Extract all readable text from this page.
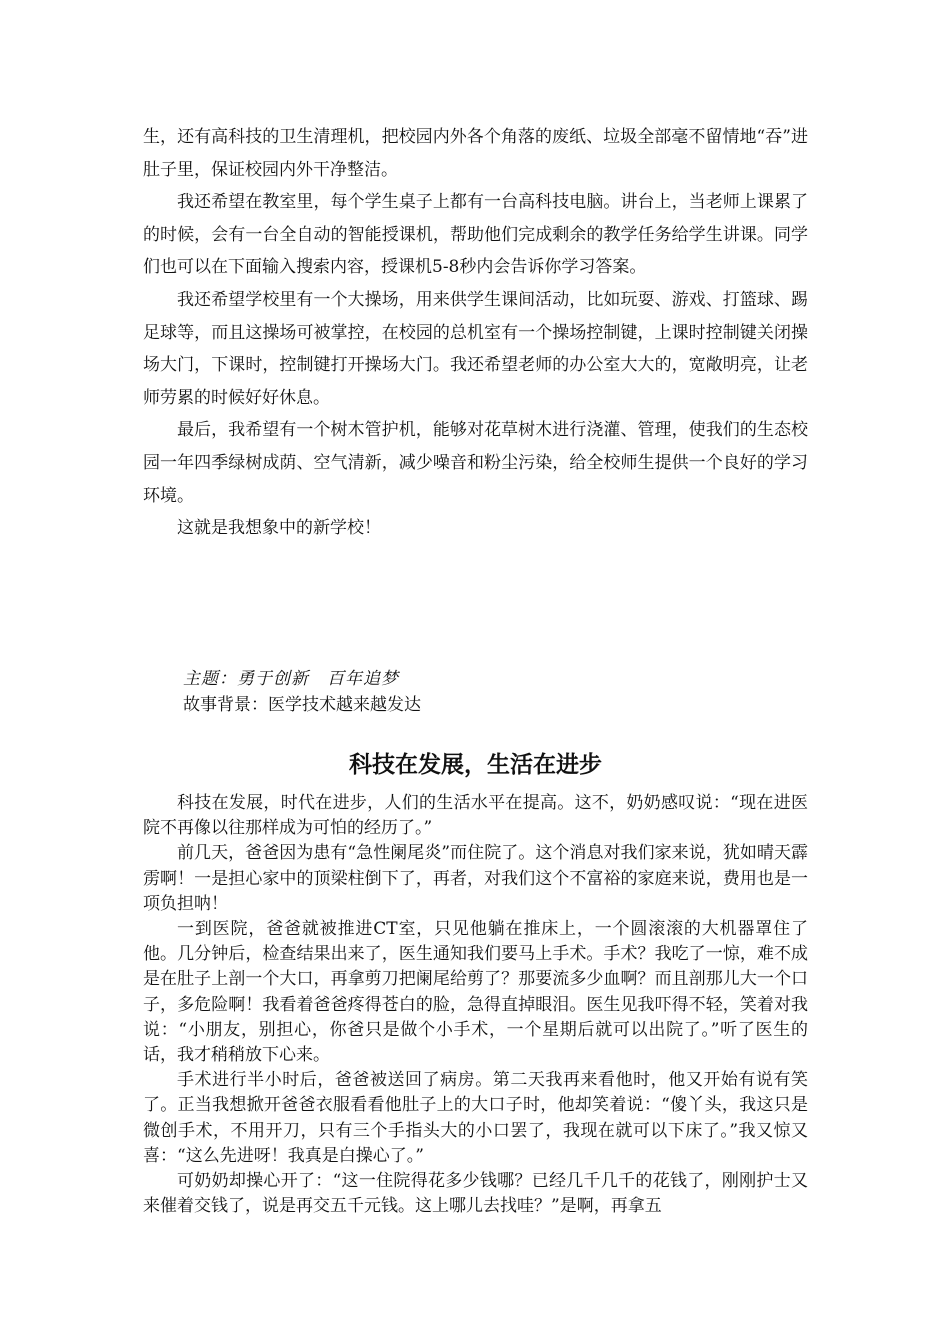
生，还有高科技的卫生清理机，把校园内外各个角落的废纸、垃圾全部毫不留情地“吞”进肚子里，保证校园内外干净整洁。

我还希望在教室里，每个学生桌子上都有一台高科技电脑。讲台上，当老师上课累了的时候，会有一台全自动的智能授课机，帮助他们完成剩余的教学任务给学生讲课。同学们也可以在下面输入搜索内容，授课机5-8秒内会告诉你学习答案。

我还希望学校里有一个大操场，用来供学生课间活动，比如玩耍、游戏、打篮球、踢足球等，而且这操场可被掌控，在校园的总机室有一个操场控制键，上课时控制键关闭操场大门，下课时，控制键打开操场大门。我还希望老师的办公室大大的，宽敞明亮，让老师劳累的时候好好休息。

最后，我希望有一个树木管护机，能够对花草树木进行浇灌、管理，使我们的生态校园一年四季绿树成荫、空气清新，减少噪音和粉尘污染，给全校师生提供一个良好的学习环境。

这就是我想象中的新学校！

主题：勇于创新　百年追梦
故事背景：医学技术越来越发达
科技在发展，生活在进步

科技在发展，时代在进步，人们的生活水平在提高。这不，奶奶感叹说：“现在进医院不再像以往那样成为可怕的经历了。”

前几天，爸爸因为患有“急性阑尾炎”而住院了。这个消息对我们家来说，犹如晴天霹雳啊！一是担心家中的顶梁柱倒下了，再者，对我们这个不富裕的家庭来说，费用也是一项负担呐！

一到医院，爸爸就被推进CT室，只见他躺在推床上，一个圆滚滚的大机器罩住了他。几分钟后，检查结果出来了，医生通知我们要马上手术。手术？我吃了一惊，难不成是在肚子上剖一个大口，再拿剪刀把阑尾给剪了？那要流多少血啊？而且剖那儿大一个口子，多危险啊！我看着爸爸疼得苍白的脸，急得直掉眼泪。医生见我吓得不轻，笑着对我说：“小朋友，别担心，你爸只是做个小手术，一个星期后就可以出院了。”听了医生的话，我才稍稍放下心来。

手术进行半小时后，爸爸被送回了病房。第二天我再来看他时，他又开始有说有笑了。正当我想掀开爸爸衣服看看他肚子上的大口子时，他却笑着说：“傻丫头，我这只是微创手术，不用开刀，只有三个手指头大的小口罢了，我现在就可以下床了。”我又惊又喜：“这么先进呀！我真是白操心了。”

可奶奶却操心开了：“这一住院得花多少钱哪？已经几千几千的花钱了，刚刚护士又来催着交钱了，说是再交五千元钱。这上哪儿去找哇？”是啊，再拿五
